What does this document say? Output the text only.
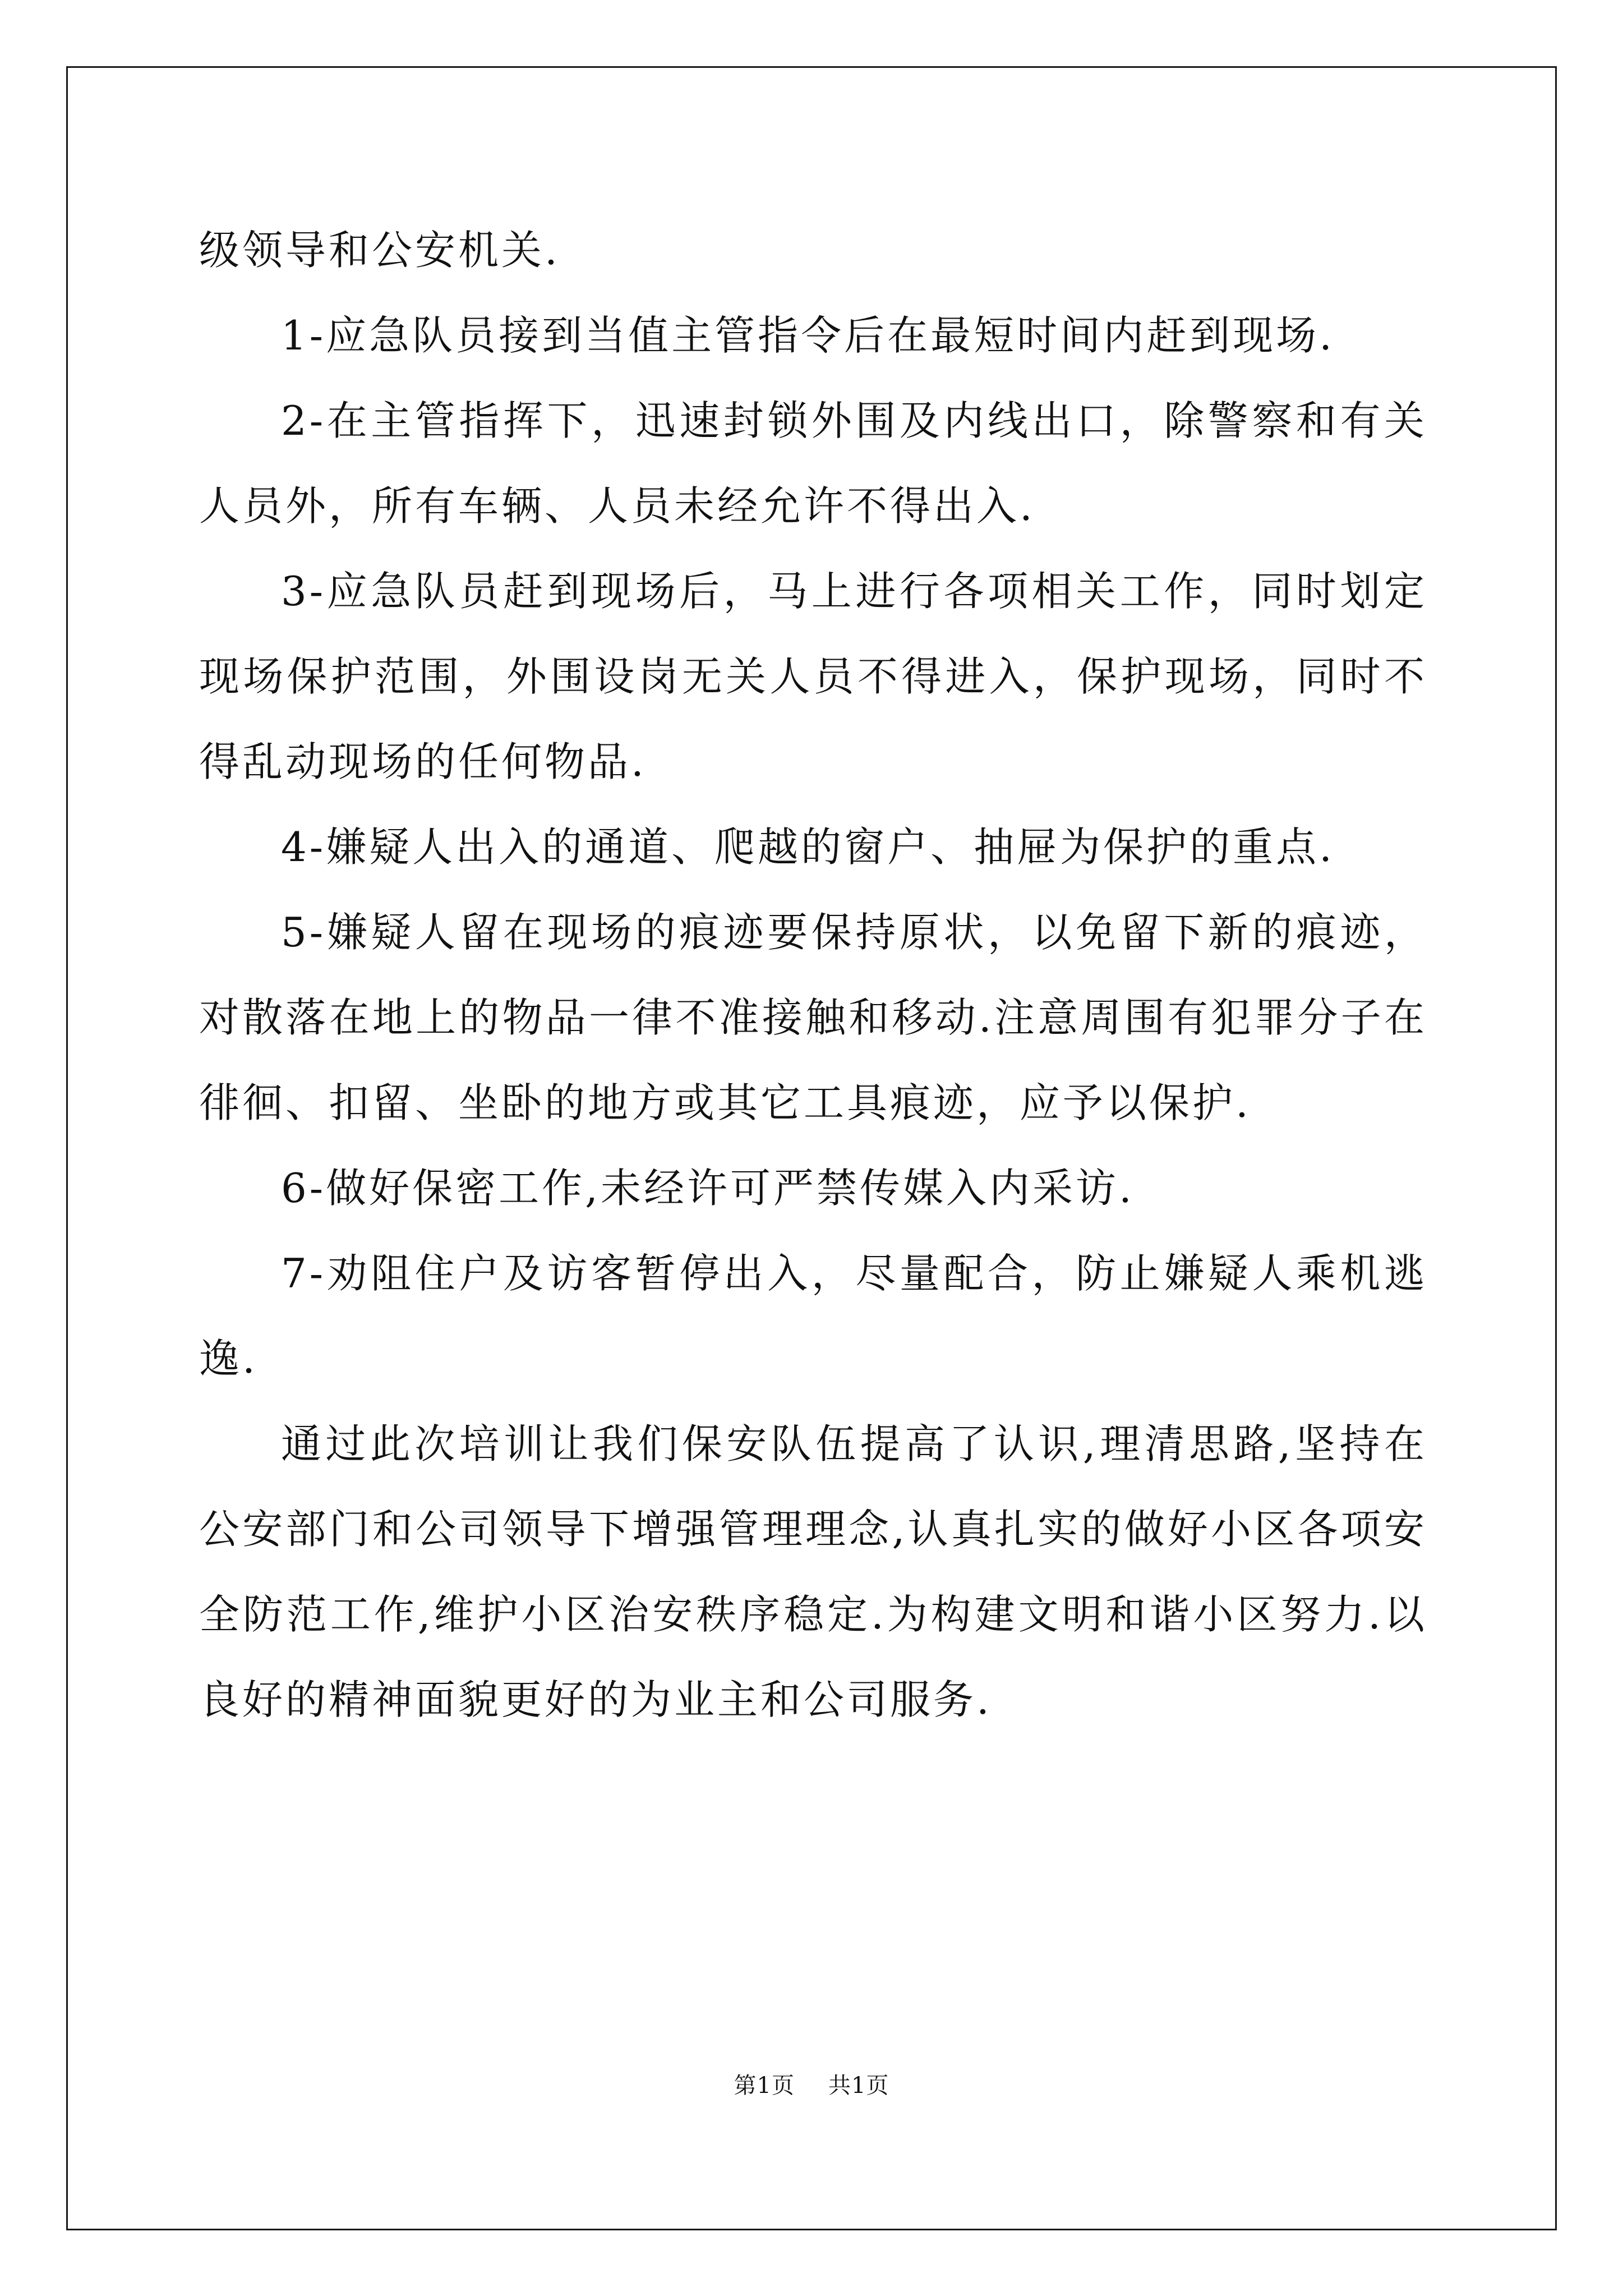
级领导和公安机关.

1-应急队员接到当值主管指令后在最短时间内赶到现场.

2-在主管指挥下，迅速封锁外围及内线出口，除警察和有关人员外，所有车辆、人员未经允许不得出入.

3-应急队员赶到现场后，马上进行各项相关工作，同时划定现场保护范围，外围设岗无关人员不得进入，保护现场，同时不得乱动现场的任何物品.

4-嫌疑人出入的通道、爬越的窗户、抽屉为保护的重点.

5-嫌疑人留在现场的痕迹要保持原状，以免留下新的痕迹，对散落在地上的物品一律不准接触和移动.注意周围有犯罪分子在徘徊、扣留、坐卧的地方或其它工具痕迹，应予以保护.

6-做好保密工作,未经许可严禁传媒入内采访.

7-劝阻住户及访客暂停出入，尽量配合，防止嫌疑人乘机逃逸.

通过此次培训让我们保安队伍提高了认识,理清思路,坚持在公安部门和公司领导下增强管理理念,认真扎实的做好小区各项安全防范工作,维护小区治安秩序稳定.为构建文明和谐小区努力.以良好的精神面貌更好的为业主和公司服务.

第1页 共1页
